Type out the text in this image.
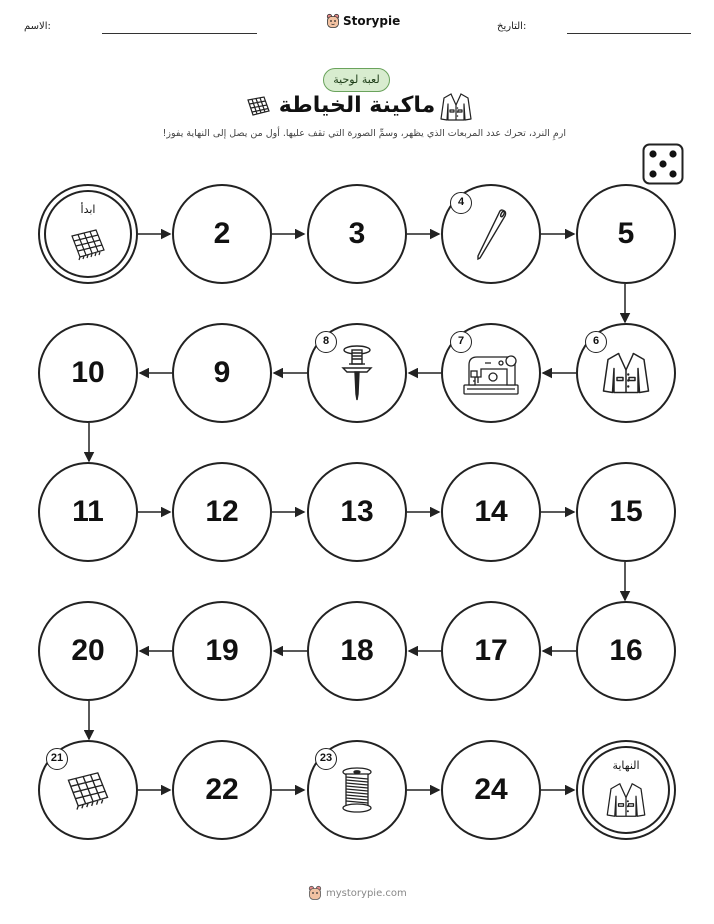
الاسم:	Storypie	التاريخ:
لعبة لوحية
ماكينة الخياطة
ارمِ النرد، تحرك عدد المربعات الذي يظهر، وسمِّ الصورة التي تقف عليها. أول من يصل إلى النهاية يفوز!
ابدأ
2	3
4
5
10	9
8	7	6
11	12	13	14	15
20	19	18	17	16
21
22
23
24
النهاية
mystorypie.com
